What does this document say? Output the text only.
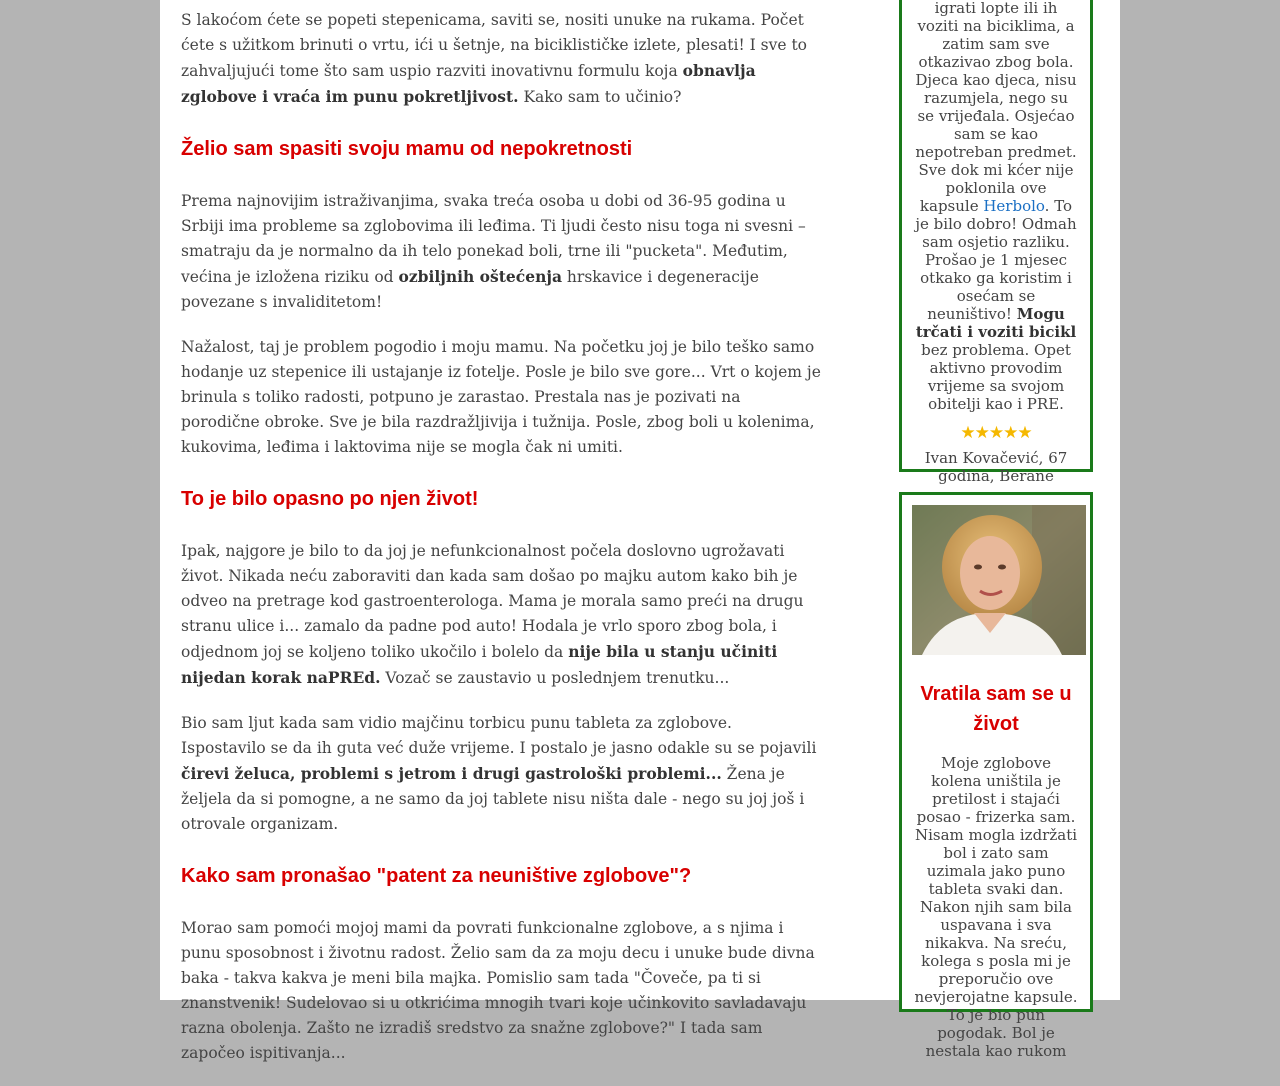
S lakoćom ćete se popeti stepenicama, saviti se, nositi unuke na rukama. Počet ćete s užitkom brinuti o vrtu, ići u šetnje, na biciklističke izlete, plesati! I sve to zahvaljujući tome što sam uspio razviti inovativnu formulu koja obnavlja zglobove i vraća im punu pokretljivost. Kako sam to učinio?

Želio sam spasiti svoju mamu od nepokretnosti

Prema najnovijim istraživanjima, svaka treća osoba u dobi od 36-95 godina u Srbiji ima probleme sa zglobovima ili leđima. Ti ljudi često nisu toga ni svesni – smatraju da je normalno da ih telo ponekad boli, trne ili "pucketa". Međutim, većina je izložena riziku od ozbiljnih oštećenja hrskavice i degeneracije povezane s invaliditetom!

Nažalost, taj je problem pogodio i moju mamu. Na početku joj je bilo teško samo hodanje uz stepenice ili ustajanje iz fotelje. Posle je bilo sve gore... Vrt o kojem je brinula s toliko radosti, potpuno je zarastao. Prestala nas je pozivati na porodične obroke. Sve je bila razdražljivija i tužnija. Posle, zbog boli u kolenima, kukovima, leđima i laktovima nije se mogla čak ni umiti.

To je bilo opasno po njen život!

Ipak, najgore je bilo to da joj je nefunkcionalnost počela doslovno ugrožavati život. Nikada neću zaboraviti dan kada sam došao po majku autom kako bih je odveo na pretrage kod gastroenterologa. Mama je morala samo preći na drugu stranu ulice i... zamalo da padne pod auto! Hodala je vrlo sporo zbog bola, i odjednom joj se koljeno toliko ukočilo i bolelo da nije bila u stanju učiniti nijedan korak naPREd. Vozač se zaustavio u poslednjem trenutku...

Bio sam ljut kada sam vidio majčinu torbicu punu tableta za zglobove. Ispostavilo se da ih guta već duže vrijeme. I postalo je jasno odakle su se pojavili čirevi želuca, problemi s jetrom i drugi gastrološki problemi... Žena je željela da si pomogne, a ne samo da joj tablete nisu ništa dale - nego su joj još i otrovale organizam.

Kako sam pronašao "patent za neuništive zglobove"?

Morao sam pomoći mojoj mami da povrati funkcionalne zglobove, a s njima i punu sposobnost i životnu radost. Želio sam da za moju decu i unuke bude divna baka - takva kakva je meni bila majka. Pomislio sam tada "Čoveče, pa ti si znanstvenik! Sudelovao si u otkrićima mnogih tvari koje učinkovito savladavaju razna obolenja. Zašto ne izradiš sredstvo za snažne zglobove?" I tada sam započeo ispitivanja...

igrati lopte ili ih voziti na biciklima, a zatim sam sve otkazivao zbog bola. Djeca kao djeca, nisu razumjela, nego su se vrijeđala. Osjećao sam se kao nepotreban predmet. Sve dok mi kćer nije poklonila ove kapsule Herbolo. To je bilo dobro! Odmah sam osjetio razliku. Prošao je 1 mjesec otkako ga koristim i osećam se neuništivo! Mogu trčati i voziti bicikl bez problema. Opet aktivno provodim vrijeme sa svojom obitelji kao i PRE.
★★★★★
Ivan Kovačević, 67 godina, Berane
Vratila sam se u život
Moje zglobove kolena uništila je pretilost i stajaći posao - frizerka sam. Nisam mogla izdržati bol i zato sam uzimala jako puno tableta svaki dan. Nakon njih sam bila uspavana i sva nikakva. Na sreću, kolega s posla mi je preporučio ove nevjerojatne kapsule. To je bio pun pogodak. Bol je nestala kao rukom
